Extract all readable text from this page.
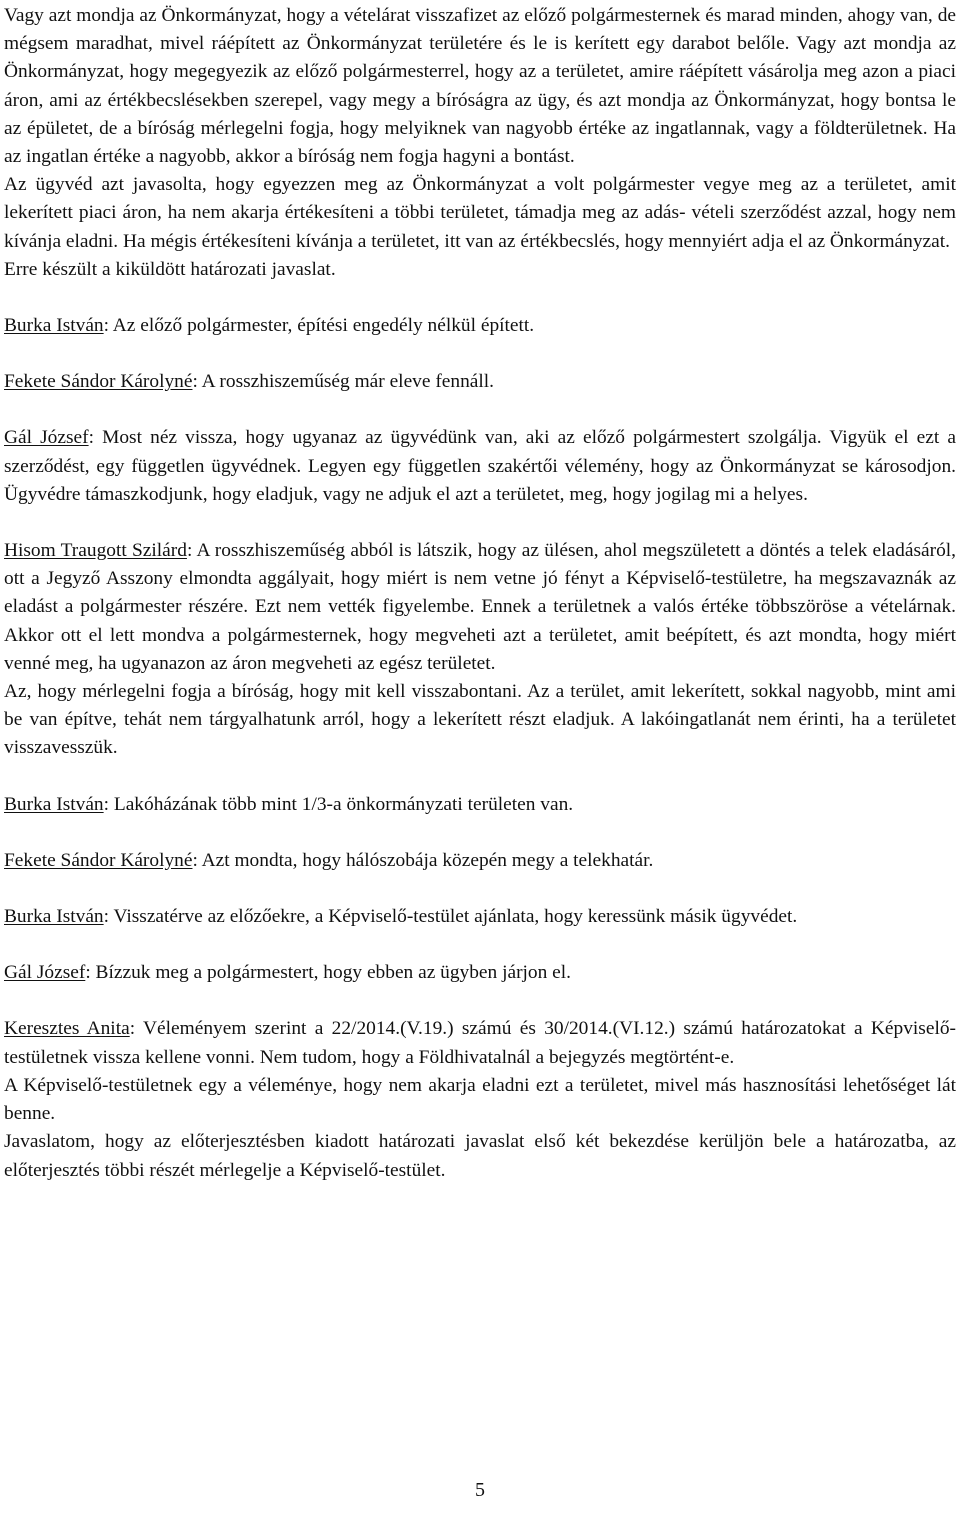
Vagy azt mondja az Önkormányzat, hogy a vételárat visszafizet az előző polgármesternek és marad minden, ahogy van, de mégsem maradhat, mivel ráépített az Önkormányzat területére és le is kerített egy darabot belőle. Vagy azt mondja az Önkormányzat, hogy megegyezik az előző polgármesterrel, hogy az a területet, amire ráépített vásárolja meg azon a piaci áron, ami az értékbecslésekben szerepel, vagy megy a bíróságra az ügy, és azt mondja az Önkormányzat, hogy bontsa le az épületet, de a bíróság mérlegelni fogja, hogy melyiknek van nagyobb értéke az ingatlannak, vagy a földterületnek. Ha az ingatlan értéke a nagyobb, akkor a bíróság nem fogja hagyni a bontást.

Az ügyvéd azt javasolta, hogy egyezzen meg az Önkormányzat a volt polgármester vegye meg az a területet, amit lekerített piaci áron, ha nem akarja értékesíteni a többi területet, támadja meg az adás- vételi szerződést azzal, hogy nem kívánja eladni. Ha mégis értékesíteni kívánja a területet, itt van az értékbecslés, hogy mennyiért adja el az Önkormányzat.

Erre készült a kiküldött határozati javaslat.

Burka István: Az előző polgármester, építési engedély nélkül épített.

Fekete Sándor Károlyné: A rosszhiszeműség már eleve fennáll.

Gál József: Most néz vissza, hogy ugyanaz az ügyvédünk van, aki az előző polgármestert szolgálja. Vigyük el ezt a szerződést, egy független ügyvédnek. Legyen egy független szakértői vélemény, hogy az Önkormányzat se károsodjon. Ügyvédre támaszkodjunk, hogy eladjuk, vagy ne adjuk el azt a területet, meg, hogy jogilag mi a helyes.

Hisom Traugott Szilárd: A rosszhiszeműség abból is látszik, hogy az ülésen, ahol megszületett a döntés a telek eladásáról, ott a Jegyző Asszony elmondta aggályait, hogy miért is nem vetne jó fényt a Képviselő-testületre, ha megszavaznák az eladást a polgármester részére. Ezt nem vették figyelembe. Ennek a területnek a valós értéke többszöröse a vételárnak. Akkor ott el lett mondva a polgármesternek, hogy megveheti azt a területet, amit beépített, és azt mondta, hogy miért venné meg, ha ugyanazon az áron megveheti az egész területet.

Az, hogy mérlegelni fogja a bíróság, hogy mit kell visszabontani. Az a terület, amit lekerített, sokkal nagyobb, mint ami be van építve, tehát nem tárgyalhatunk arról, hogy a lekerített részt eladjuk. A lakóingatlanát nem érinti, ha a területet visszavesszük.

Burka István: Lakóházának több mint 1/3-a önkormányzati területen van.

Fekete Sándor Károlyné: Azt mondta, hogy hálószobája közepén megy a telekhatár.

Burka István: Visszatérve az előzőekre, a Képviselő-testület ajánlata, hogy keressünk másik ügyvédet.

Gál József: Bízzuk meg a polgármestert, hogy ebben az ügyben járjon el.

Keresztes Anita: Véleményem szerint a 22/2014.(V.19.) számú és 30/2014.(VI.12.) számú határozatokat a Képviselő-testületnek vissza kellene vonni. Nem tudom, hogy a Földhivatalnál a bejegyzés megtörtént-e.

A Képviselő-testületnek egy a véleménye, hogy nem akarja eladni ezt a területet, mivel más hasznosítási lehetőséget lát benne.

Javaslatom, hogy az előterjesztésben kiadott határozati javaslat első két bekezdése kerüljön bele a határozatba, az előterjesztés többi részét mérlegelje a Képviselő-testület.

5
